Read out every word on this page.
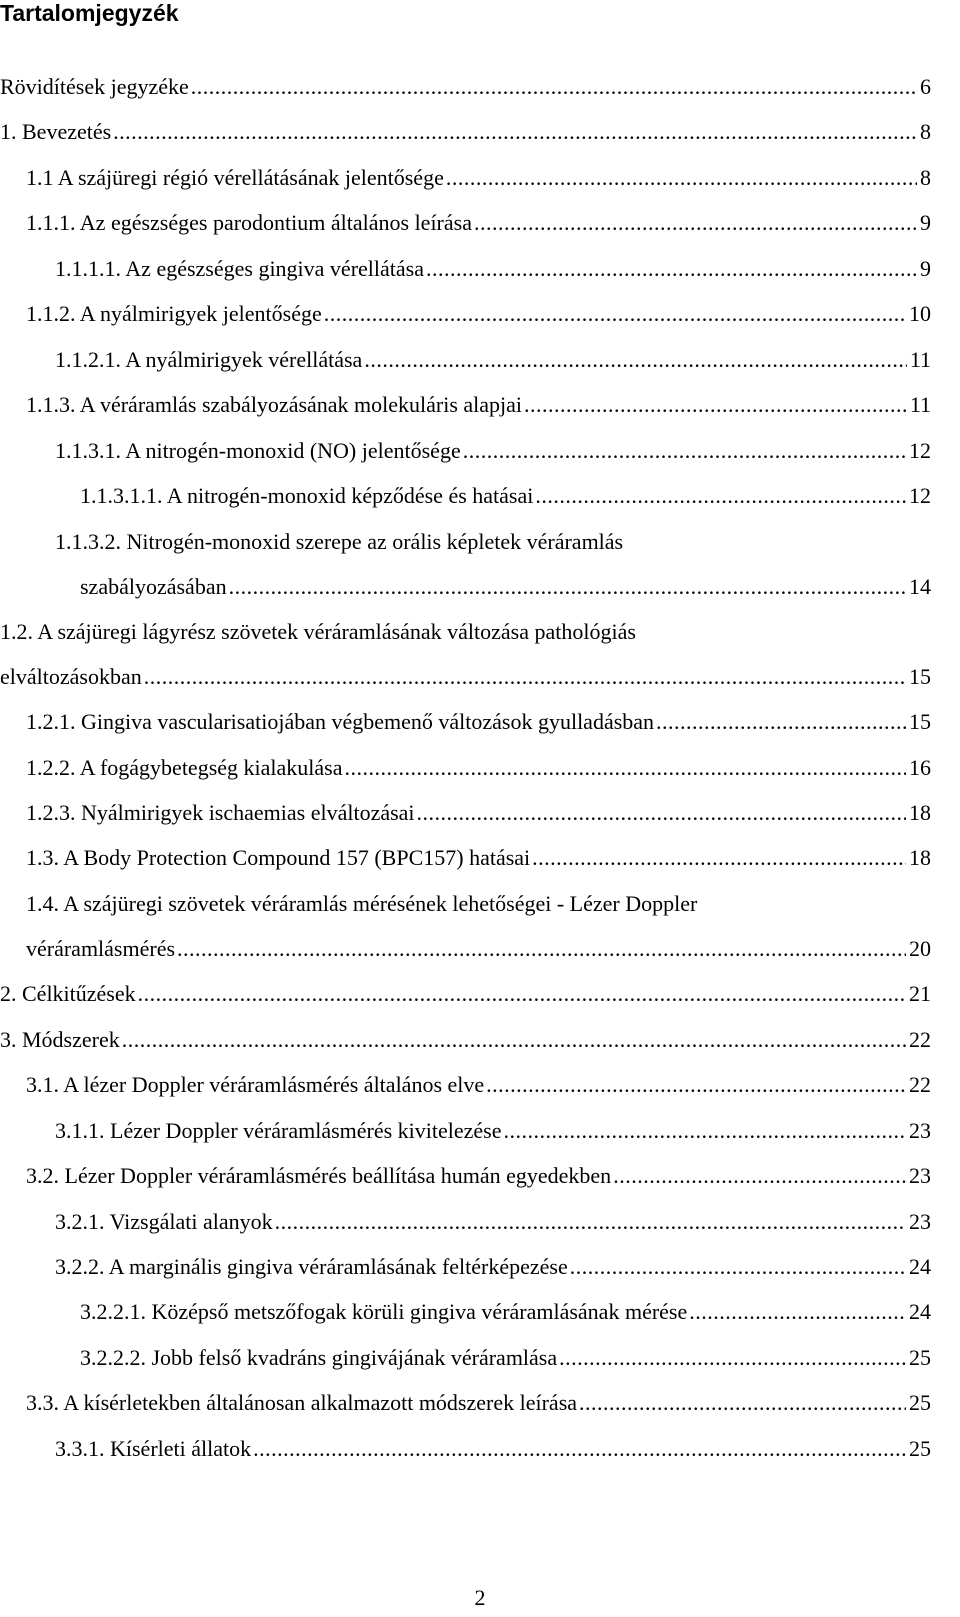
Tartalomjegyzék
Rövidítések jegyzéke .....	6
1. Bevezetés .....	8
1.1 A szájüregi régió vérellátásának jelentősége .....	8
1.1.1. Az egészséges parodontium általános leírása .....	9
1.1.1.1. Az egészséges gingiva vérellátása .....	9
1.1.2. A nyálmirigyek jelentősége .....	10
1.1.2.1. A nyálmirigyek vérellátása .....	11
1.1.3. A véráramlás szabályozásának molekuláris alapjai .....	11
1.1.3.1. A nitrogén-monoxid (NO) jelentősége .....	12
1.1.3.1.1. A nitrogén-monoxid képződése és hatásai .....	12
1.1.3.2. Nitrogén-monoxid szerepe az orális képletek véráramlás
szabályozásában .....	14
1.2. A szájüregi lágyrész szövetek véráramlásának változása pathológiás
elváltozásokban .....	15
1.2.1. Gingiva vascularisatiojában végbemenő változások gyulladásban .....	15
1.2.2. A fogágybetegség kialakulása .....	16
1.2.3. Nyálmirigyek ischaemias elváltozásai .....	18
1.3. A Body Protection Compound 157 (BPC157) hatásai .....	18
1.4. A szájüregi szövetek véráramlás mérésének lehetőségei - Lézer Doppler
véráramlásmérés .....	20
2. Célkitűzések .....	21
3. Módszerek .....	22
3.1. A lézer Doppler véráramlásmérés általános elve .....	22
3.1.1. Lézer Doppler véráramlásmérés kivitelezése .....	23
3.2. Lézer Doppler véráramlásmérés beállítása humán egyedekben .....	23
3.2.1. Vizsgálati alanyok .....	23
3.2.2. A marginális gingiva véráramlásának feltérképezése .....	24
3.2.2.1. Középső metszőfogak körüli gingiva véráramlásának mérése .....	24
3.2.2.2. Jobb felső kvadráns gingivájának véráramlása .....	25
3.3. A kísérletekben általánosan alkalmazott módszerek leírása .....	25
3.3.1. Kísérleti állatok .....	25
2
